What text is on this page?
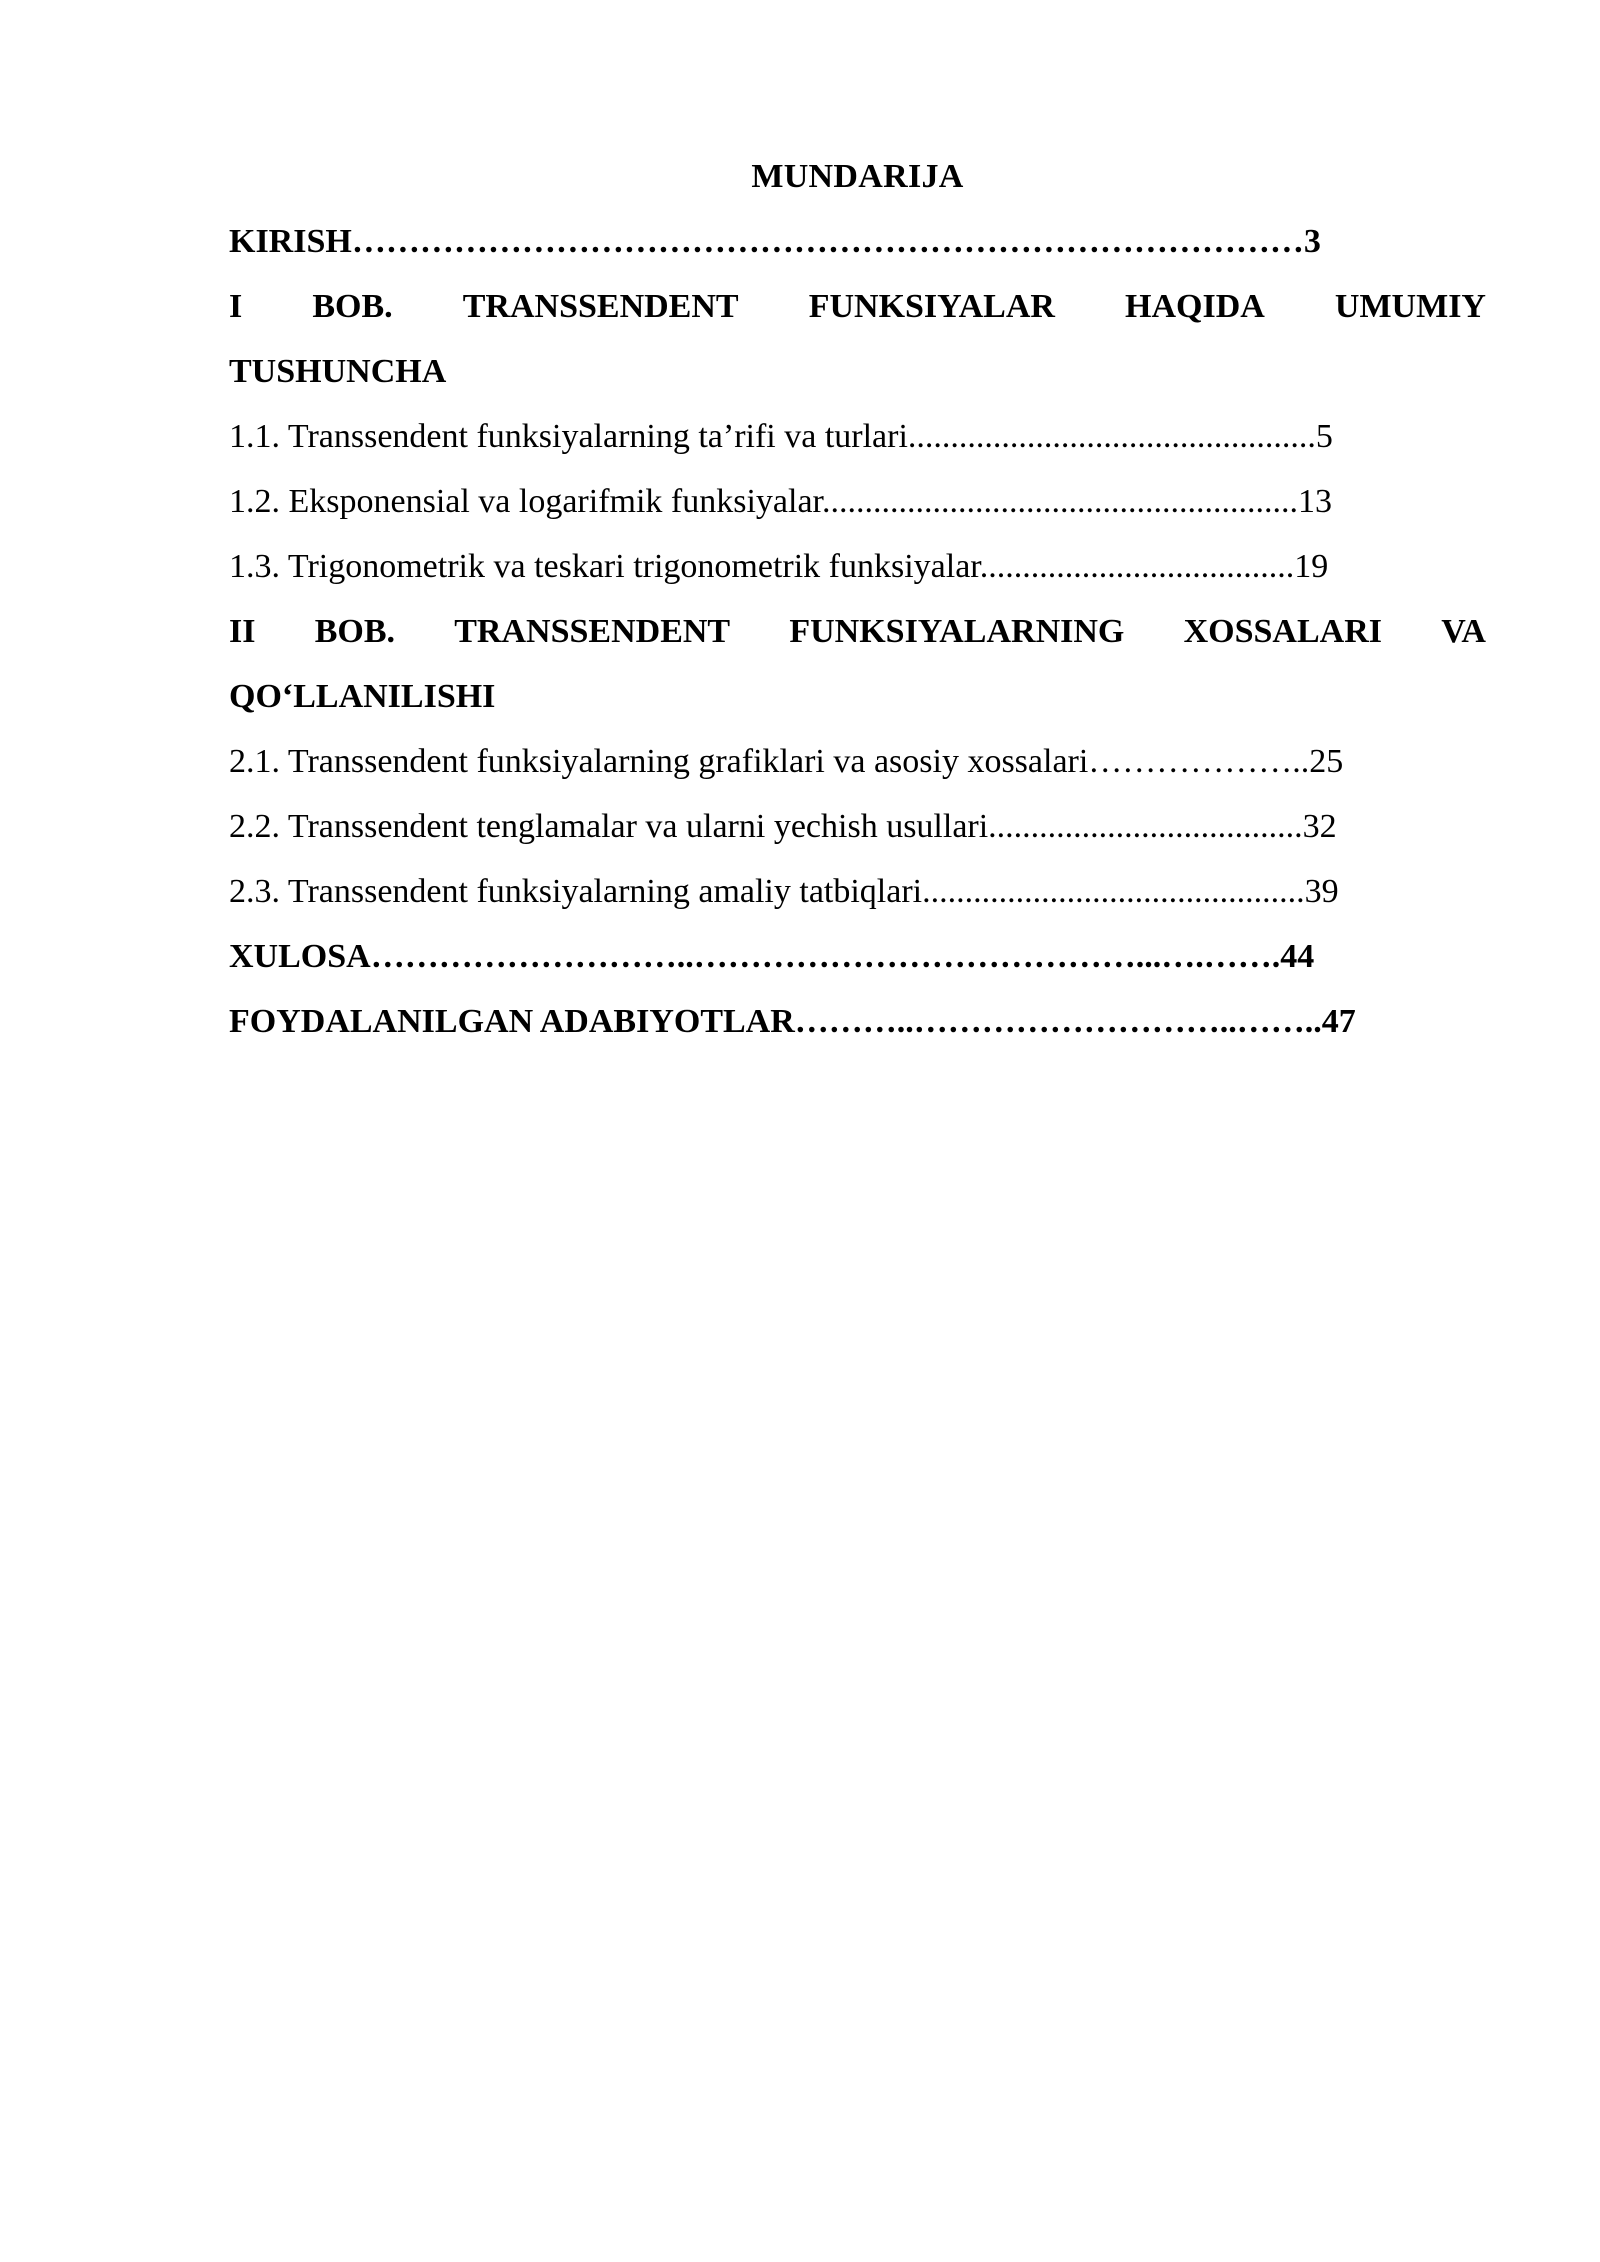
MUNDARIJA
KIRISH…………………………………………………………………………3
I BOB. TRANSSENDENT FUNKSIYALAR HAQIDA UMUMIY
TUSHUNCHA
1.1. Transsendent funksiyalarning ta’rifi va turlari................................................5
1.2. Eksponensial va logarifmik funksiyalar........................................................13
1.3. Trigonometrik va teskari trigonometrik funksiyalar.....................................19
II BOB. TRANSSENDENT FUNKSIYALARNING XOSSALARI VA
QO‘LLANILISHI
2.1. Transsendent funksiyalarning grafiklari va asosiy xossalari………………..25
2.2. Transsendent tenglamalar va ularni yechish usullari.....................................32
2.3. Transsendent funksiyalarning amaliy tatbiqlari.............................................39
XULOSA………………………..…………………………………...….…….44
FOYDALANILGAN ADABIYOTLAR………..………………………..……..47
